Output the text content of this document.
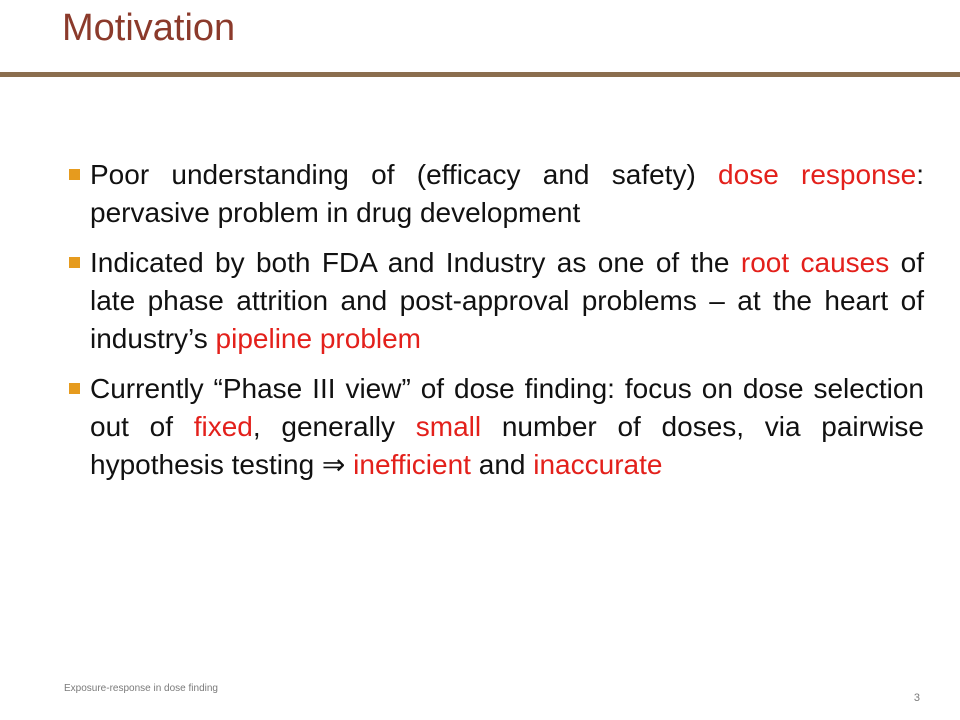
Motivation
Poor understanding of (efficacy and safety) dose response: pervasive problem in drug development
Indicated by both FDA and Industry as one of the root causes of late phase attrition and post-approval problems – at the heart of industry’s pipeline problem
Currently “Phase III view” of dose finding: focus on dose selection out of fixed, generally small number of doses, via pairwise hypothesis testing ⇒ inefficient and inaccurate
Exposure-response in dose finding
3
